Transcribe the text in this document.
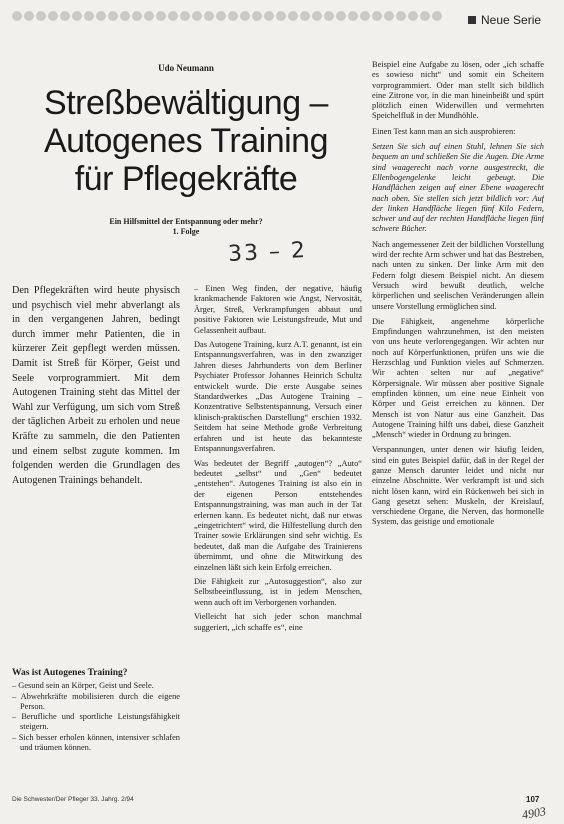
Neue Serie
Udo Neumann
Streßbewältigung –
Autogenes Training
für Pflegekräfte
Ein Hilfsmittel der Entspannung oder mehr?
1. Folge
33 – 2

Den Pflegekräften wird heute physisch und psychisch viel mehr abverlangt als in den vergangenen Jahren, bedingt durch immer mehr Patienten, die in kürzerer Zeit gepflegt werden müssen. Damit ist Streß für Körper, Geist und Seele vorprogrammiert. Mit dem Autogenen Training steht das Mittel der Wahl zur Verfügung, um sich vom Streß der täglichen Arbeit zu erholen und neue Kräfte zu sammeln, die den Patienten und einem selbst zugute kommen. Im folgenden werden die Grundlagen des Autogenen Trainings behandelt.

Was ist Autogenes Training?
– Gesund sein an Körper, Geist und Seele.
– Abwehrkräfte mobilisieren durch die eigene Person.
– Berufliche und sportliche Leistungsfähigkeit steigern.
– Sich besser erholen können, intensiver schlafen und träumen können.

– Einen Weg finden, der negative, häufig krankmachende Faktoren wie Angst, Nervosität, Ärger, Streß, Verkrampfungen abbaut und positive Faktoren wie Leistungsfreude, Mut und Gelassenheit aufbaut.

Das Autogene Training, kurz A.T. genannt, ist ein Entspannungsverfahren, was in den zwanziger Jahren dieses Jahrhunderts von dem Berliner Psychiater Professor Johannes Heinrich Schultz entwickelt wurde. Die erste Ausgabe seines Standardwerkes „Das Autogene Training – Konzentrative Selbstentspannung, Versuch einer klinisch-praktischen Darstellung“ erschien 1932. Seitdem hat seine Methode große Verbreitung erfahren und ist heute das bekannteste Entspannungsverfahren.

Was bedeutet der Begriff „autogen“? „Auto“ bedeutet „selbst“ und „Gen“ bedeutet „entstehen“. Autogenes Training ist also ein in der eigenen Person entstehendes Entspannungstraining, was man auch in der Tat erlernen kann. Es bedeutet nicht, daß nur etwas „eingetrichtert“ wird, die Hilfestellung durch den Trainer sowie Erklärungen sind sehr wichtig. Es bedeutet, daß man die Aufgabe des Trainierens übernimmt, und ohne die Mitwirkung des einzelnen läßt sich kein Erfolg erreichen.

Die Fähigkeit zur „Autosuggestion“, also zur Selbstbeeinflussung, ist in jedem Menschen, wenn auch oft im Verborgenen vorhanden.

Vielleicht hat sich jeder schon manchmal suggeriert, „ich schaffe es“, eine

Beispiel eine Aufgabe zu lösen, oder „ich schaffe es sowieso nicht“ und somit ein Scheitern vorprogrammiert. Oder man stellt sich bildlich eine Zitrone vor, in die man hineinbeißt und spürt plötzlich einen Widerwillen und vermehrten Speichelfluß in der Mundhöhle.

Einen Test kann man an sich ausprobieren:

Setzen Sie sich auf einen Stuhl, lehnen Sie sich bequem an und schließen Sie die Augen. Die Arme sind waagerecht nach vorne ausgestreckt, die Ellenbogengelenke leicht gebeugt. Die Handflächen zeigen auf einer Ebene waagerecht nach oben. Sie stellen sich jetzt bildlich vor: Auf der linken Handfläche liegen fünf Kilo Federn, schwer und auf der rechten Handfläche liegen fünf schwere Bücher.

Nach angemessener Zeit der bildlichen Vorstellung wird der rechte Arm schwer und hat das Bestreben, nach unten zu sinken. Der linke Arm mit den Federn folgt diesem Beispiel nicht. An diesem Versuch wird bewußt deutlich, welche körperlichen und seelischen Veränderungen allein unsere Vorstellung ermöglichen sind.

Die Fähigkeit, angenehme körperliche Empfindungen wahrzunehmen, ist den meisten von uns heute verlorengegangen. Wir achten nur noch auf Körperfunktionen, prüfen uns wie die Herzschlag und Funktion vieles auf Schmerzen. Wir achten selten nur auf „negative“ Körpersignale. Wir müssen aber positive Signale empfinden können, um eine neue Einheit von Körper und Geist erreichen zu können. Der Mensch ist von Natur aus eine Ganzheit. Das Autogene Training hilft uns dabei, diese Ganzheit „Mensch“ wieder in Ordnung zu bringen.

Verspannungen, unter denen wir häufig leiden, sind ein gutes Beispiel dafür, daß in der Regel der ganze Mensch darunter leidet und nicht nur einzelne Abschnitte. Wer verkrampft ist und sich nicht lösen kann, wird ein Rückenweh bei sich in Gang gesetzt sehen: Muskeln, der Kreislauf, verschiedene Organe, die Nerven, das hormonelle System, das geistige und emotionale

Die Schwester/Der Pfleger 33. Jahrg. 2/94	107
4903
